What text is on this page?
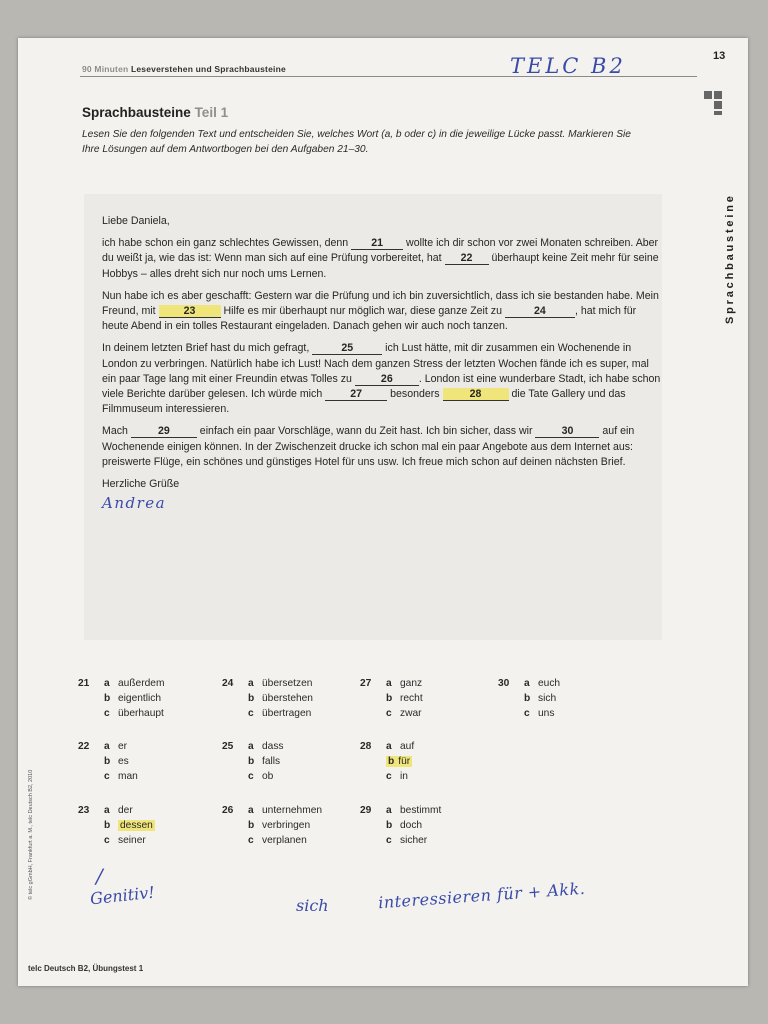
90 Minuten Leseverstehen und Sprachbausteine	TELC B2	13
Sprachbausteine
Sprachbausteine Teil 1
Lesen Sie den folgenden Text und entscheiden Sie, welches Wort (a, b oder c) in die jeweilige Lücke passt. Markieren Sie Ihre Lösungen auf dem Antwortbogen bei den Aufgaben 21–30.

Liebe Daniela,

ich habe schon ein ganz schlechtes Gewissen, denn 21 wollte ich dir schon vor zwei Monaten schreiben. Aber du weißt ja, wie das ist: Wenn man sich auf eine Prüfung vorbereitet, hat 22 überhaupt keine Zeit mehr für seine Hobbys – alles dreht sich nur noch ums Lernen.

Nun habe ich es aber geschafft: Gestern war die Prüfung und ich bin zuversichtlich, dass ich sie bestanden habe. Mein Freund, mit 23 Hilfe es mir überhaupt nur möglich war, diese ganze Zeit zu	24	, hat mich für heute Abend in ein tolles Restaurant eingeladen. Danach gehen wir auch noch tanzen.

In deinem letzten Brief hast du mich gefragt,	25	ich Lust hätte, mit dir zusammen ein Wochenende in London zu verbringen. Natürlich habe ich Lust! Nach dem ganzen Stress der letzten Wochen fände ich es super, mal ein paar Tage lang mit einer Freundin etwas Tolles zu 26 . London ist eine wunderbare Stadt, ich habe schon viele Berichte darüber gelesen. Ich würde mich 27 besonders	28	die Tate Gallery und das Filmmuseum interessieren.

Mach	29	einfach ein paar Vorschläge, wann du Zeit hast. Ich bin sicher, dass wir 30 auf ein Wochenende einigen können. In der Zwischenzeit drucke ich schon mal ein paar Angebote aus dem Internet aus: preiswerte Flüge, ein schönes und günstiges Hotel für uns usw. Ich freue mich schon auf deinen nächsten Brief.

Herzliche Grüße
Andrea
21 a außerdem
b eigentlich
c überhaupt
22 a er
b es
c man
23 a der
b dessen
c seiner
24 a übersetzen
b überstehen
c übertragen
25 a dass
b falls
c ob
26 a unternehmen
b verbringen
c verplanen
27 a ganz
b recht
c zwar
28 a auf
b für
c in
29 a bestimmt
b doch
c sicher
30 a euch
b sich
c uns
/
Genitiv!	sich	interessieren für + Akk.
© telc gGmbH, Frankfurt a. M., telc Deutsch B2, 2010
telc Deutsch B2, Übungstest 1
